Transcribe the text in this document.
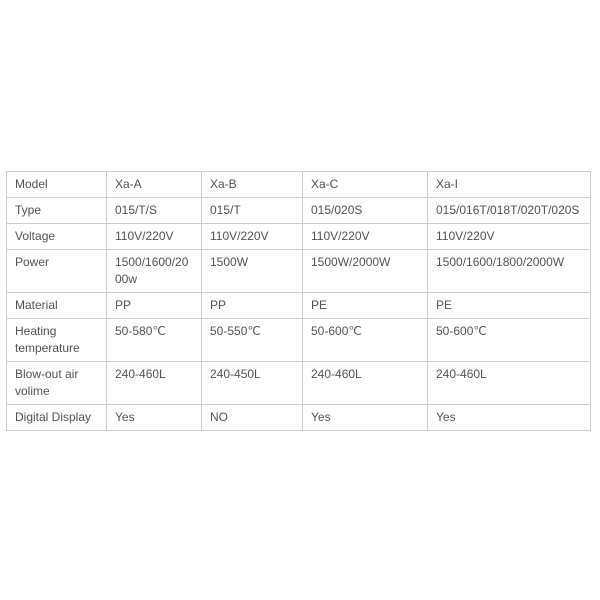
Model	Xa-A	Xa-B	Xa-C	Xa-I
Type	015/T/S	015/T	015/020S	015/016T/018T/020T/020S
Voltage	110V/220V	110V/220V	110V/220V	110V/220V
Power	1500/1600/2000w	1500W	1500W/2000W	1500/1600/1800/2000W
Material	PP	PP	PE	PE
Heating temperature	50-580℃	50-550℃	50-600℃	50-600℃
Blow-out air volime	240-460L	240-450L	240-460L	240-460L
Digital Display	Yes	NO	Yes	Yes
